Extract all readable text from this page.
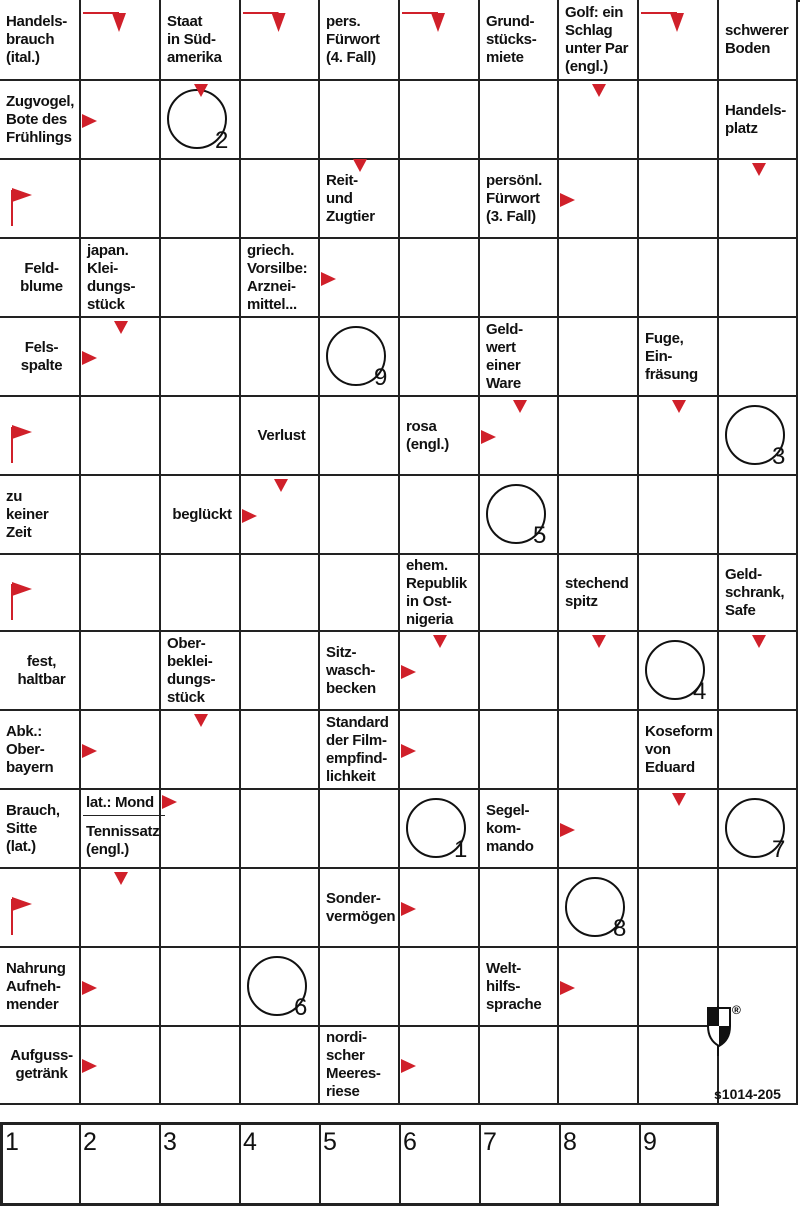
Handels-
brauch
(ital.)
Staat
in Süd-
amerika
pers.
Fürwort
(4. Fall)
Grund-
stücks-
miete
Golf: ein
Schlag
unter Par
(engl.)
schwerer
Boden
Zugvogel,
Bote des
Frühlings
Handels-
platz
Reit-
und
Zugtier
persönl.
Fürwort
(3. Fall)
Feld-
blume
japan.
Klei-
dungs-
stück
griech.
Vorsilbe:
Arznei-
mittel...
Fels-
spalte
Geld-
wert
einer
Ware
Fuge,
Ein-
fräsung
Verlust
rosa
(engl.)
zu
keiner
Zeit
beglückt
ehem.
Republik
in Ost-
nigeria
stechend
spitz
Geld-
schrank,
Safe
fest,
haltbar
Ober-
beklei-
dungs-
stück
Sitz-
wasch-
becken
Abk.:
Ober-
bayern
Standard
der Film-
empfind-
lichkeit
Koseform
von
Eduard
Brauch,
Sitte
(lat.)
Segel-
kom-
mando
Sonder-
vermögen
Nahrung
Aufneh-
mender
Welt-
hilfs-
sprache
Aufguss-
getränk
nordi-
scher
Meeres-
riese
lat.: Mond
Tennissatz
(engl.)
2
9
3
5
4
1	7
8
6
1	2	3	4	5	6	7	8	9
®
s1014-205
